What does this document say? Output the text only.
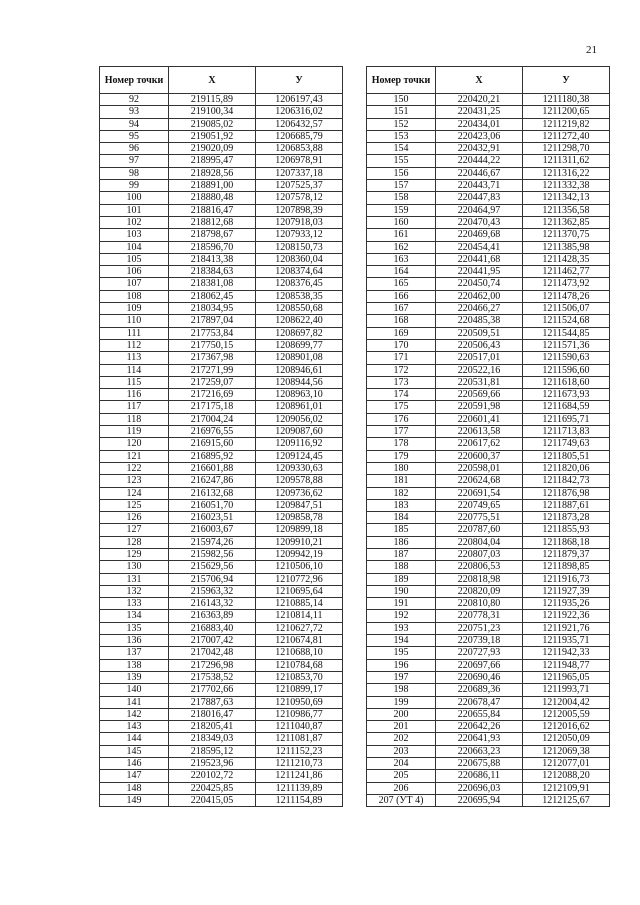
21
Номер точки	X	У
92	219115,89	1206197,43
93	219100,34	1206316,02
94	219085,02	1206432,57
95	219051,92	1206685,79
96	219020,09	1206853,88
97	218995,47	1206978,91
98	218928,56	1207337,18
99	218891,00	1207525,37
100	218880,48	1207578,12
101	218816,47	1207898,39
102	218812,68	1207918,03
103	218798,67	1207933,12
104	218596,70	1208150,73
105	218413,38	1208360,04
106	218384,63	1208374,64
107	218381,08	1208376,45
108	218062,45	1208538,35
109	218034,95	1208550,68
110	217897,04	1208622,40
111	217753,84	1208697,82
112	217750,15	1208699,77
113	217367,98	1208901,08
114	217271,99	1208946,61
115	217259,07	1208944,56
116	217216,69	1208963,10
117	217175,18	1208961,01
118	217004,24	1209056,02
119	216976,55	1209087,60
120	216915,60	1209116,92
121	216895,92	1209124,45
122	216601,88	1209330,63
123	216247,86	1209578,88
124	216132,68	1209736,62
125	216051,70	1209847,51
126	216023,51	1209858,78
127	216003,67	1209899,18
128	215974,26	1209910,21
129	215982,56	1209942,19
130	215629,56	1210506,10
131	215706,94	1210772,96
132	215963,32	1210695,64
133	216143,32	1210885,14
134	216363,89	1210814,11
135	216883,40	1210627,72
136	217007,42	1210674,81
137	217042,48	1210688,10
138	217296,98	1210784,68
139	217538,52	1210853,70
140	217702,66	1210899,17
141	217887,63	1210950,69
142	218016,47	1210986,77
143	218205,41	1211040,87
144	218349,03	1211081,87
145	218595,12	1211152,23
146	219523,96	1211210,73
147	220102,72	1211241,86
148	220425,85	1211139,89
149	220415,05	1211154,89
Номер точки	X	У
150	220420,21	1211180,38
151	220431,25	1211200,65
152	220434,01	1211219,82
153	220423,06	1211272,40
154	220432,91	1211298,70
155	220444,22	1211311,62
156	220446,67	1211316,22
157	220443,71	1211332,38
158	220447,83	1211342,13
159	220464,97	1211356,58
160	220470,43	1211362,85
161	220469,68	1211370,75
162	220454,41	1211385,98
163	220441,68	1211428,35
164	220441,95	1211462,77
165	220450,74	1211473,92
166	220462,00	1211478,26
167	220466,27	1211506,07
168	220485,38	1211524,68
169	220509,51	1211544,85
170	220506,43	1211571,36
171	220517,01	1211590,63
172	220522,16	1211596,60
173	220531,81	1211618,60
174	220569,66	1211673,93
175	220591,98	1211684,59
176	220601,41	1211695,71
177	220613,58	1211713,83
178	220617,62	1211749,63
179	220600,37	1211805,51
180	220598,01	1211820,06
181	220624,68	1211842,73
182	220691,54	1211876,98
183	220749,65	1211887,61
184	220775,51	1211873,28
185	220787,60	1211855,93
186	220804,04	1211868,18
187	220807,03	1211879,37
188	220806,53	1211898,85
189	220818,98	1211916,73
190	220820,09	1211927,39
191	220810,80	1211935,26
192	220778,31	1211922,36
193	220751,23	1211921,76
194	220739,18	1211935,71
195	220727,93	1211942,33
196	220697,66	1211948,77
197	220690,46	1211965,05
198	220689,36	1211993,71
199	220678,47	1212004,42
200	220655,84	1212005,59
201	220642,26	1212016,62
202	220641,93	1212050,09
203	220663,23	1212069,38
204	220675,88	1212077,01
205	220686,11	1212088,20
206	220696,03	1212109,91
207 (УТ 4)	220695,94	1212125,67
